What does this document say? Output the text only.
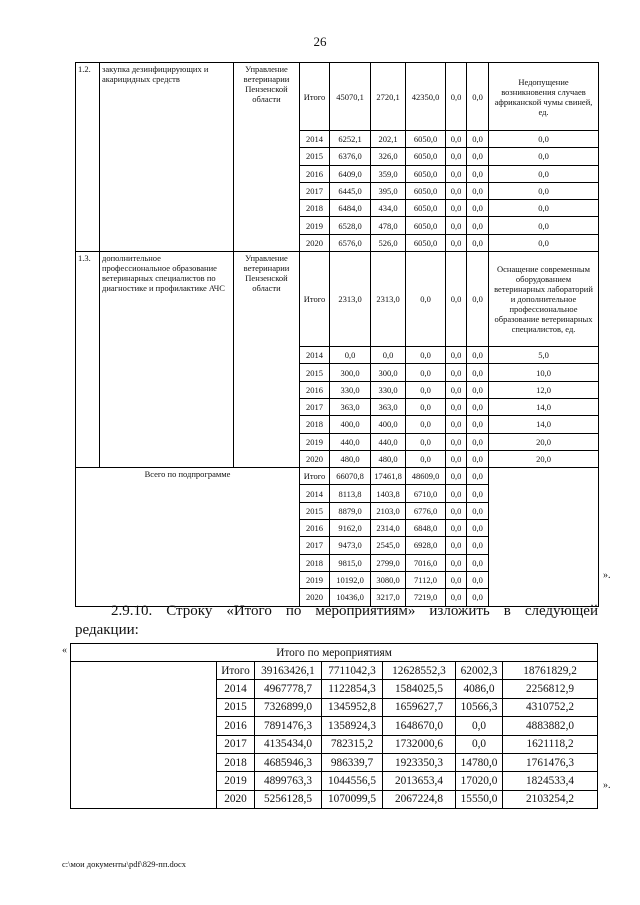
26
1.2.	закупка дезинфицирующих и акарицидных средств	Управление ветеринарии Пензенской области	Итого	45070,1	2720,1	42350,0	0,0	0,0	Недопущение возникновения случаев африканской чумы свиней, ед.
			2014	6252,1	202,1	6050,0	0,0	0,0	0,0
			2015	6376,0	326,0	6050,0	0,0	0,0	0,0
			2016	6409,0	359,0	6050,0	0,0	0,0	0,0
			2017	6445,0	395,0	6050,0	0,0	0,0	0,0
			2018	6484,0	434,0	6050,0	0,0	0,0	0,0
			2019	6528,0	478,0	6050,0	0,0	0,0	0,0
			2020	6576,0	526,0	6050,0	0,0	0,0	0,0
1.3.	дополнительное профессиональное образование ветеринарных специалистов по диагностике и профилактике АЧС	Управление ветеринарии Пензенской области	Итого	2313,0	2313,0	0,0	0,0	0,0	Оснащение современным оборудованием ветеринарных лабораторий и дополнительное профессиональное образование ветеринарных специалистов, ед.
			2014	0,0	0,0	0,0	0,0	0,0	5,0
			2015	300,0	300,0	0,0	0,0	0,0	10,0
			2016	330,0	330,0	0,0	0,0	0,0	12,0
			2017	363,0	363,0	0,0	0,0	0,0	14,0
			2018	400,0	400,0	0,0	0,0	0,0	14,0
			2019	440,0	440,0	0,0	0,0	0,0	20,0
			2020	480,0	480,0	0,0	0,0	0,0	20,0
Всего по подпрограмме			Итого	66070,8	17461,8	48609,0	0,0	0,0	
			2014	8113,8	1403,8	6710,0	0,0	0,0	
			2015	8879,0	2103,0	6776,0	0,0	0,0	
			2016	9162,0	2314,0	6848,0	0,0	0,0	
			2017	9473,0	2545,0	6928,0	0,0	0,0	
			2018	9815,0	2799,0	7016,0	0,0	0,0	
			2019	10192,0	3080,0	7112,0	0,0	0,0	
			2020	10436,0	3217,0	7219,0	0,0	0,0	
».
2.9.10. Строку «Итого по мероприятиям» изложить в следующей
редакции:
«	Итого по мероприятиям						
	Итого	39163426,1	7711042,3	12628552,3	62002,3	18761829,2
	2014	4967778,7	1122854,3	1584025,5	4086,0	2256812,9
	2015	7326899,0	1345952,8	1659627,7	10566,3	4310752,2
	2016	7891476,3	1358924,3	1648670,0	0,0	4883882,0
	2017	4135434,0	782315,2	1732000,6	0,0	1621118,2
	2018	4685946,3	986339,7	1923350,3	14780,0	1761476,3
	2019	4899763,3	1044556,5	2013653,4	17020,0	1824533,4
	2020	5256128,5	1070099,5	2067224,8	15550,0	2103254,2
».
c:\мои документы\pdf\829-пп.docx
